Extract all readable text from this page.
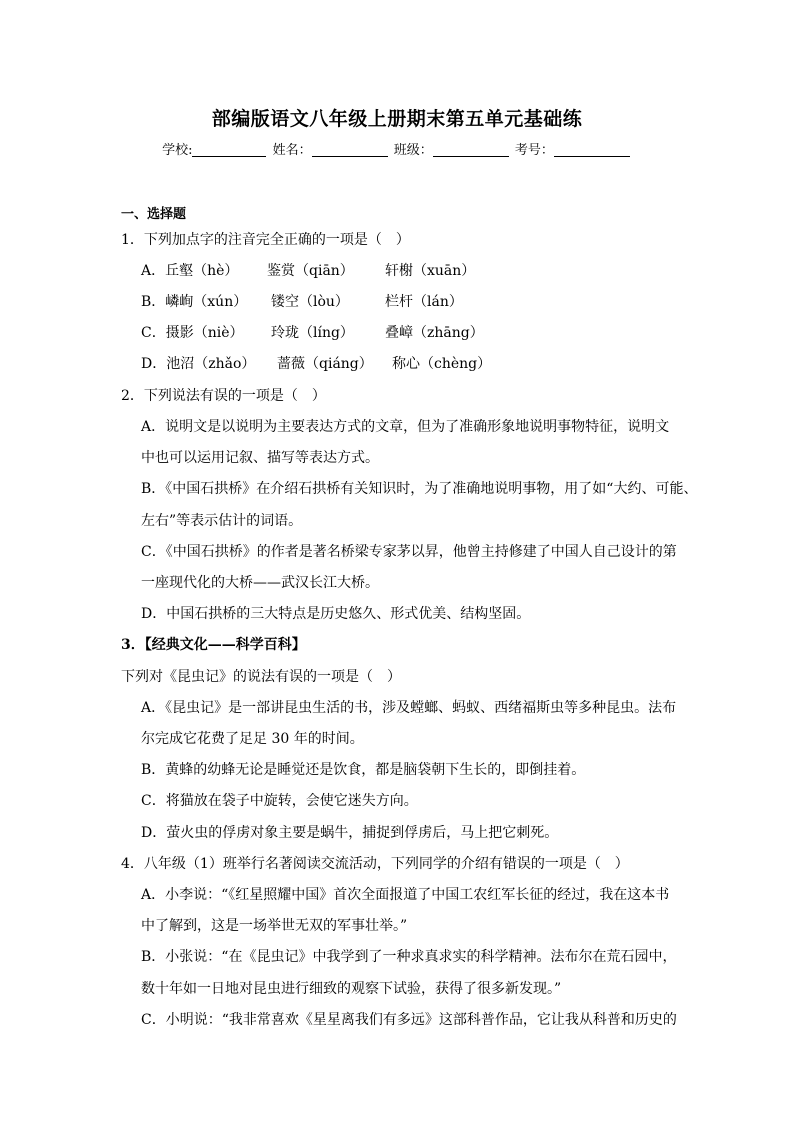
部编版语文八年级上册期末第五单元基础练
学校:	姓名：	班级：	考号：
一、选择题
1．下列加点字的注音完全正确的一项是（　）
A．丘壑（hè） 鉴赏（qiān） 轩榭（xuān）
B．嶙峋（xún） 镂空（lòu）	栏杆（lán）
C．摄影（niè） 玲珑（líng） 叠嶂（zhāng）
D．池沼（zhǎo） 蔷薇（qiáng） 称心（chèng）
2．下列说法有误的一项是（　）
A．说明文是以说明为主要表达方式的文章，但为了准确形象地说明事物特征，说明文
中也可以运用记叙、描写等表达方式。
B．《中国石拱桥》在介绍石拱桥有关知识时，为了准确地说明事物，用了如“大约、可能、
左右”等表示估计的词语。
C．《中国石拱桥》的作者是著名桥梁专家茅以昇，他曾主持修建了中国人自己设计的第
一座现代化的大桥——武汉长江大桥。
D．中国石拱桥的三大特点是历史悠久、形式优美、结构坚固。
3．【经典文化——科学百科】
下列对《昆虫记》的说法有误的一项是（　）
A．《昆虫记》是一部讲昆虫生活的书，涉及螳螂、蚂蚁、西绪福斯虫等多种昆虫。法布
尔完成它花费了足足 30 年的时间。
B．黄蜂的幼蜂无论是睡觉还是饮食，都是脑袋朝下生长的，即倒挂着。
C．将猫放在袋子中旋转，会使它迷失方向。
D．萤火虫的俘虏对象主要是蜗牛，捕捉到俘虏后，马上把它刺死。
4．八年级（1）班举行名著阅读交流活动，下列同学的介绍有错误的一项是（　）
A．小李说：“《红星照耀中国》首次全面报道了中国工农红军长征的经过，我在这本书
中了解到，这是一场举世无双的军事壮举。”
B．小张说：“在《昆虫记》中我学到了一种求真求实的科学精神。法布尔在荒石园中，
数十年如一日地对昆虫进行细致的观察下试验，获得了很多新发现。”
C．小明说：“我非常喜欢《星星离我们有多远》这部科普作品，它让我从科普和历史的
